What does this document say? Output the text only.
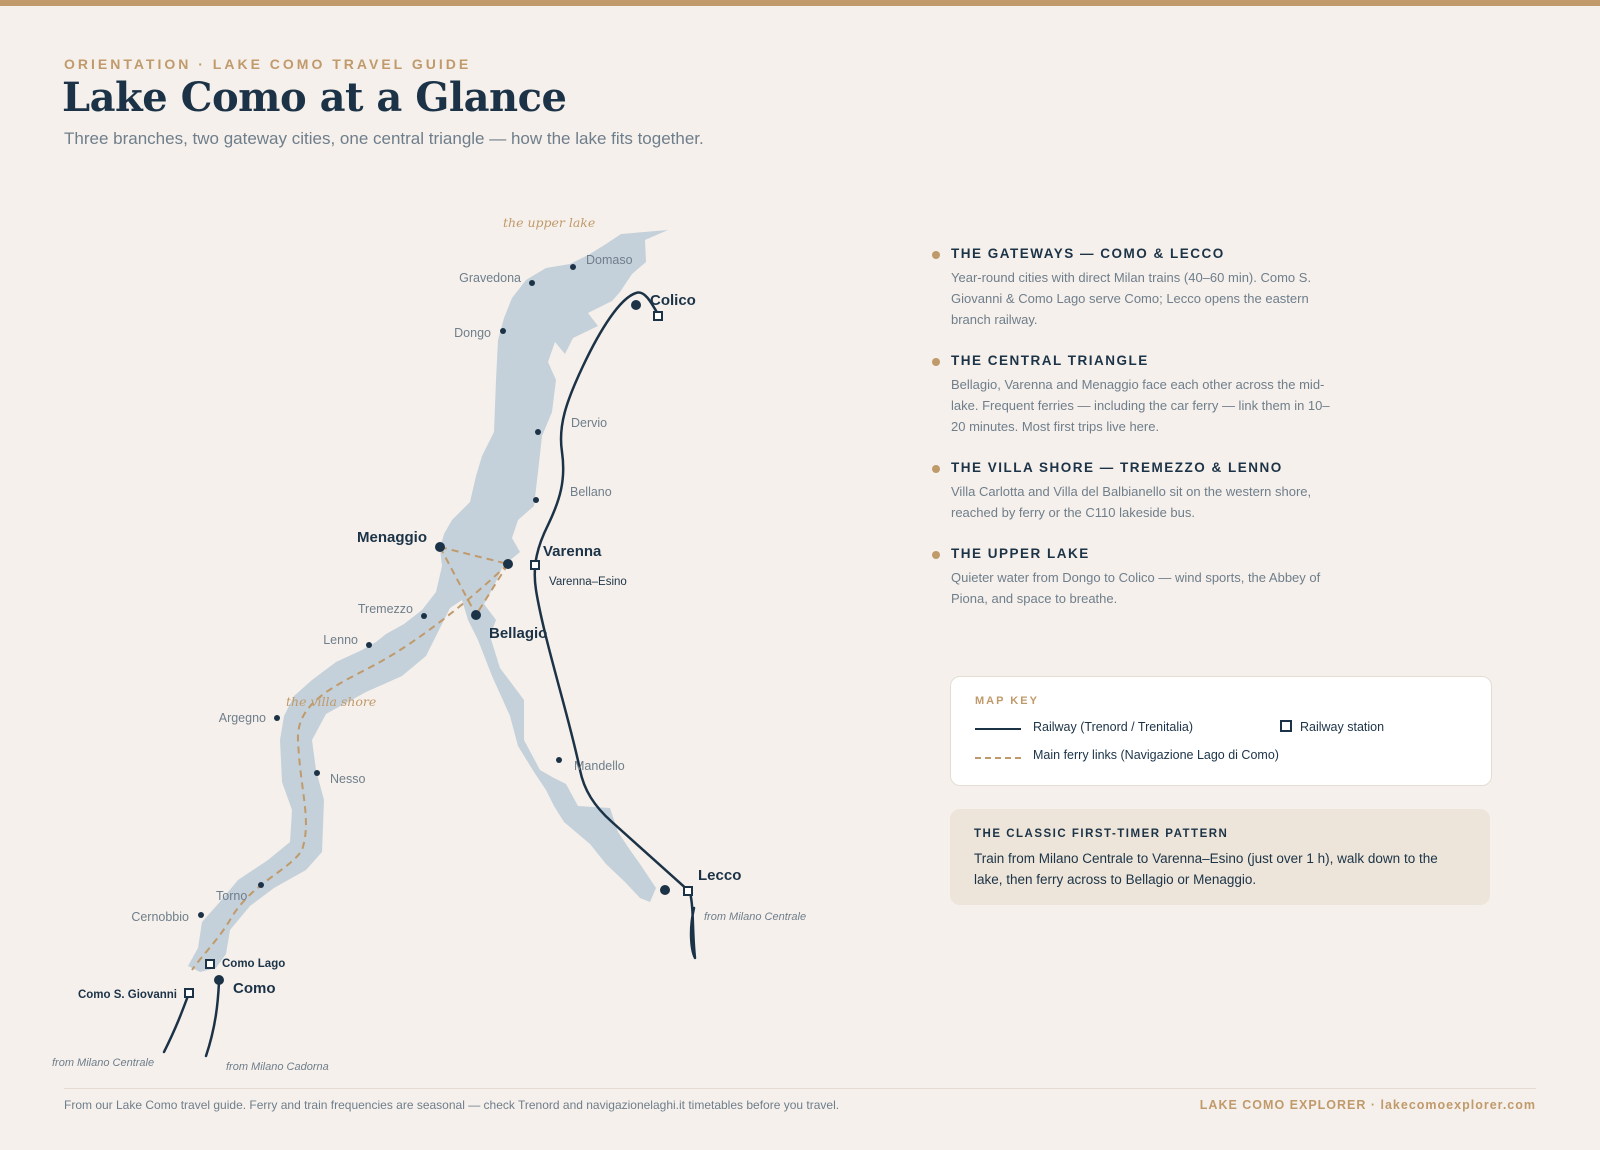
ORIENTATION · LAKE COMO TRAVEL GUIDE
Lake Como at a Glance
Three branches, two gateway cities, one central triangle — how the lake fits together.
the upper lake
the villa shore
Domaso
Gravedona
Colico
Dongo
Dervio
Bellano
Menaggio
Varenna
Varenna–Esino
Tremezzo
Lenno	Bellagio
Argegno
Nesso
Mandello
Lecco
Torno
Cernobbio
Como Lago
Como
Como S. Giovanni
from Milano Centrale
from Milano Centrale	from Milano Cadorna
THE GATEWAYS — COMO & LECCO
Year-round cities with direct Milan trains (40–60 min). Como S. Giovanni & Como Lago serve Como; Lecco opens the eastern branch railway.
THE CENTRAL TRIANGLE
Bellagio, Varenna and Menaggio face each other across the mid-lake. Frequent ferries — including the car ferry — link them in 10–20 minutes. Most first trips live here.
THE VILLA SHORE — TREMEZZO & LENNO
Villa Carlotta and Villa del Balbianello sit on the western shore, reached by ferry or the C110 lakeside bus.
THE UPPER LAKE
Quieter water from Dongo to Colico — wind sports, the Abbey of Piona, and space to breathe.
MAP KEY
Railway (Trenord / Trenitalia)	Railway station
Main ferry links (Navigazione Lago di Como)
THE CLASSIC FIRST-TIMER PATTERN
Train from Milano Centrale to Varenna–Esino (just over 1 h), walk down to the lake, then ferry across to Bellagio or Menaggio.
From our Lake Como travel guide. Ferry and train frequencies are seasonal — check Trenord and navigazionelaghi.it timetables before you travel.	LAKE COMO EXPLORER · lakecomoexplorer.com
